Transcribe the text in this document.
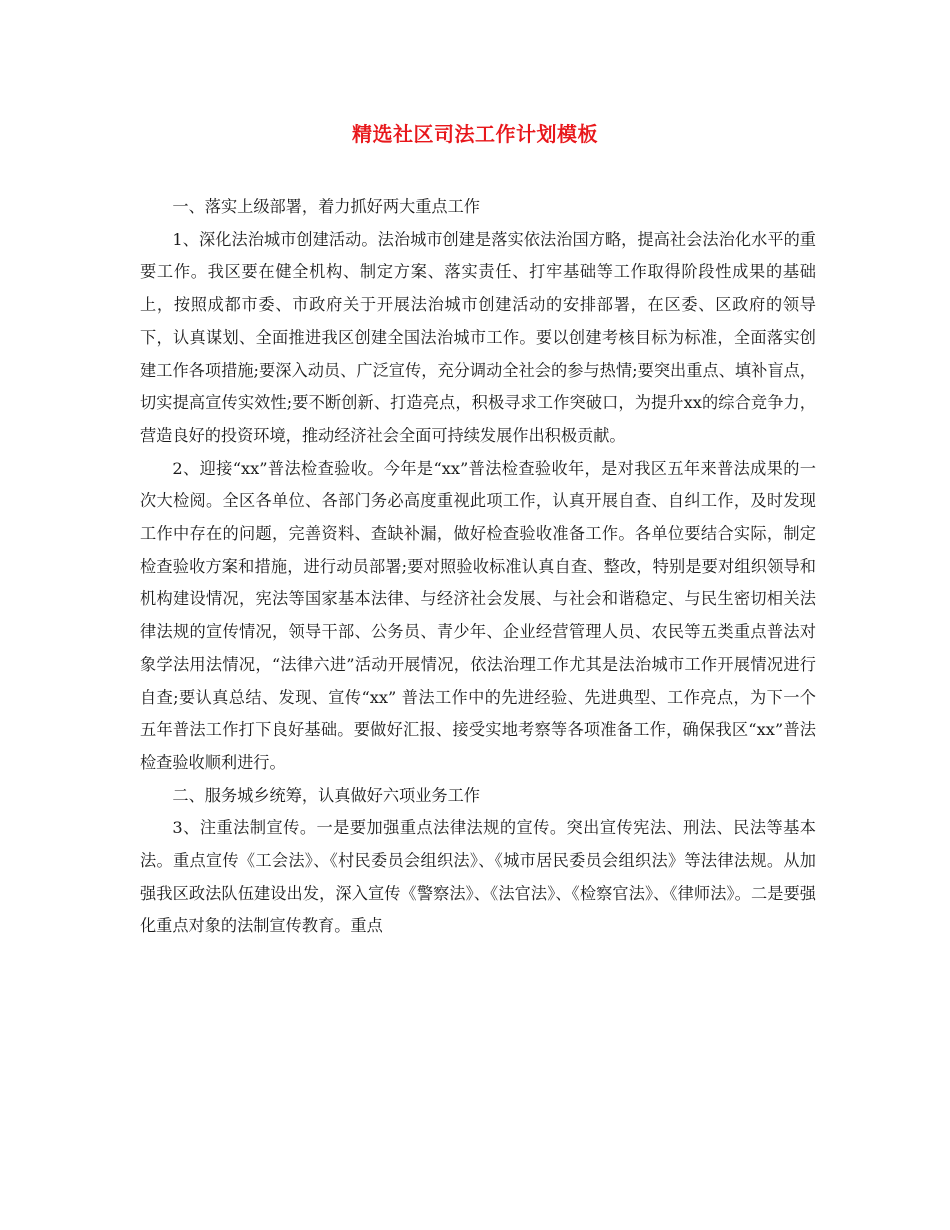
精选社区司法工作计划模板

一、落实上级部署，着力抓好两大重点工作

1、深化法治城市创建活动。法治城市创建是落实依法治国方略，提高社会法治化水平的重要工作。我区要在健全机构、制定方案、落实责任、打牢基础等工作取得阶段性成果的基础上，按照成都市委、市政府关于开展法治城市创建活动的安排部署，在区委、区政府的领导下，认真谋划、全面推进我区创建全国法治城市工作。要以创建考核目标为标准，全面落实创建工作各项措施;要深入动员、广泛宣传，充分调动全社会的参与热情;要突出重点、填补盲点，切实提高宣传实效性;要不断创新、打造亮点，积极寻求工作突破口，为提升xx的综合竞争力，营造良好的投资环境，推动经济社会全面可持续发展作出积极贡献。

2、迎接“xx”普法检查验收。今年是“xx”普法检查验收年，是对我区五年来普法成果的一次大检阅。全区各单位、各部门务必高度重视此项工作，认真开展自查、自纠工作，及时发现工作中存在的问题，完善资料、查缺补漏，做好检查验收准备工作。各单位要结合实际，制定检查验收方案和措施，进行动员部署;要对照验收标准认真自查、整改，特别是要对组织领导和机构建设情况，宪法等国家基本法律、与经济社会发展、与社会和谐稳定、与民生密切相关法律法规的宣传情况，领导干部、公务员、青少年、企业经营管理人员、农民等五类重点普法对象学法用法情况，“法律六进”活动开展情况，依法治理工作尤其是法治城市工作开展情况进行自查;要认真总结、发现、宣传“xx” 普法工作中的先进经验、先进典型、工作亮点，为下一个五年普法工作打下良好基础。要做好汇报、接受实地考察等各项准备工作，确保我区“xx”普法检查验收顺利进行。

二、服务城乡统筹，认真做好六项业务工作

3、注重法制宣传。一是要加强重点法律法规的宣传。突出宣传宪法、刑法、民法等基本法。重点宣传《工会法》、《村民委员会组织法》、《城市居民委员会组织法》等法律法规。从加强我区政法队伍建设出发，深入宣传《警察法》、《法官法》、《检察官法》、《律师法》。二是要强化重点对象的法制宣传教育。重点
